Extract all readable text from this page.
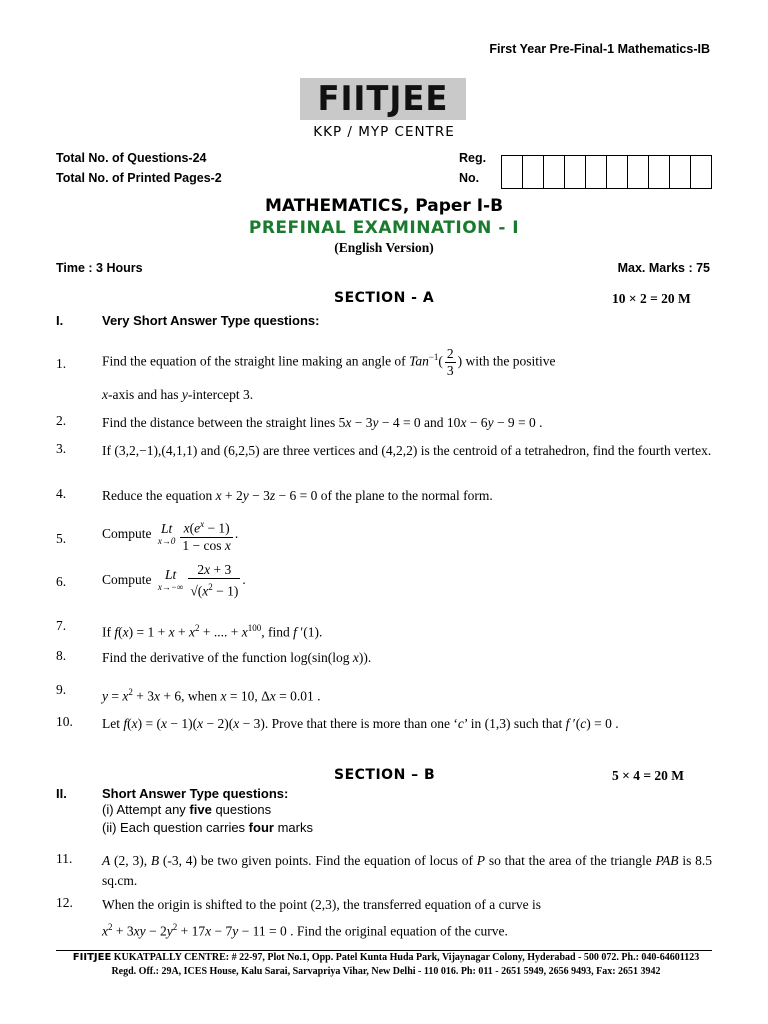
First Year Pre-Final-1 Mathematics-IB
FIITJEE
KKP / MYP CENTRE
Total No. of Questions-24
Total No. of Printed Pages-2
Reg.
No.
MATHEMATICS, Paper I-B
PREFINAL EXAMINATION - I
(English Version)
Time : 3 Hours	Max. Marks : 75
SECTION - A	10 × 2 = 20 M
I.	Very Short Answer Type questions:
1.	Find the equation of the straight line making an angle of $Tan^{-1}( \frac{2}{3}$ ) with the positive
x-axis and has y-intercept 3.
2.	Find the distance between the straight lines 5x − 3y − 4 = 0 and 10x − 6y − 9 = 0 .
3.	If (3,2,−1),(4,1,1) and (6,2,5) are three vertices and (4,2,2) is the centroid of a tetrahedron, find the fourth vertex.
4.	Reduce the equation x + 2y − 3z − 6 = 0 of the plane to the normal form.
5.	Compute Lt
$x\to 0 \frac{x(e^x - 1)}{\text{1 − cos x}}$ .
6.	Compute Lt
$x\to-\infty \frac{2x + 3}{√(x^2 - 1)}$ .
7.	If $f(x) = 1 + x + x^2$ + .... + $x^{100}$, find f ′(1).
8.	Find the derivative of the function log(sin(log x)).
9.	$y = x^2 + 3x + 6$, when x = 10, Δx = 0.01 .
10. Let f(x) = (x − 1)(x − 2)(x − 3). Prove that there is more than one ‘c’ in (1,3) such that f ′(c) = 0 .
SECTION – B	5 × 4 = 20 M
II.	Short Answer Type questions:
(i) Attempt any five questions
(ii) Each question carries four marks
11. A (2, 3), B (-3, 4) be two given points. Find the equation of locus of P so that the area of the triangle PAB is 8.5 sq.cm.
12. When the origin is shifted to the point (2,3), the transferred equation of a curve is
$x^2 + 3xy - 2y^2 + 17x - 7y - 11 = 0$ . Find the original equation of the curve.
FIITJEE KUKATPALLY CENTRE: # 22-97, Plot No.1, Opp. Patel Kunta Huda Park, Vijaynagar Colony, Hyderabad - 500 072. Ph.: 040-64601123
Regd. Off.: 29A, ICES House, Kalu Sarai, Sarvapriya Vihar, New Delhi - 110 016. Ph: 011 - 2651 5949, 2656 9493, Fax: 2651 3942
